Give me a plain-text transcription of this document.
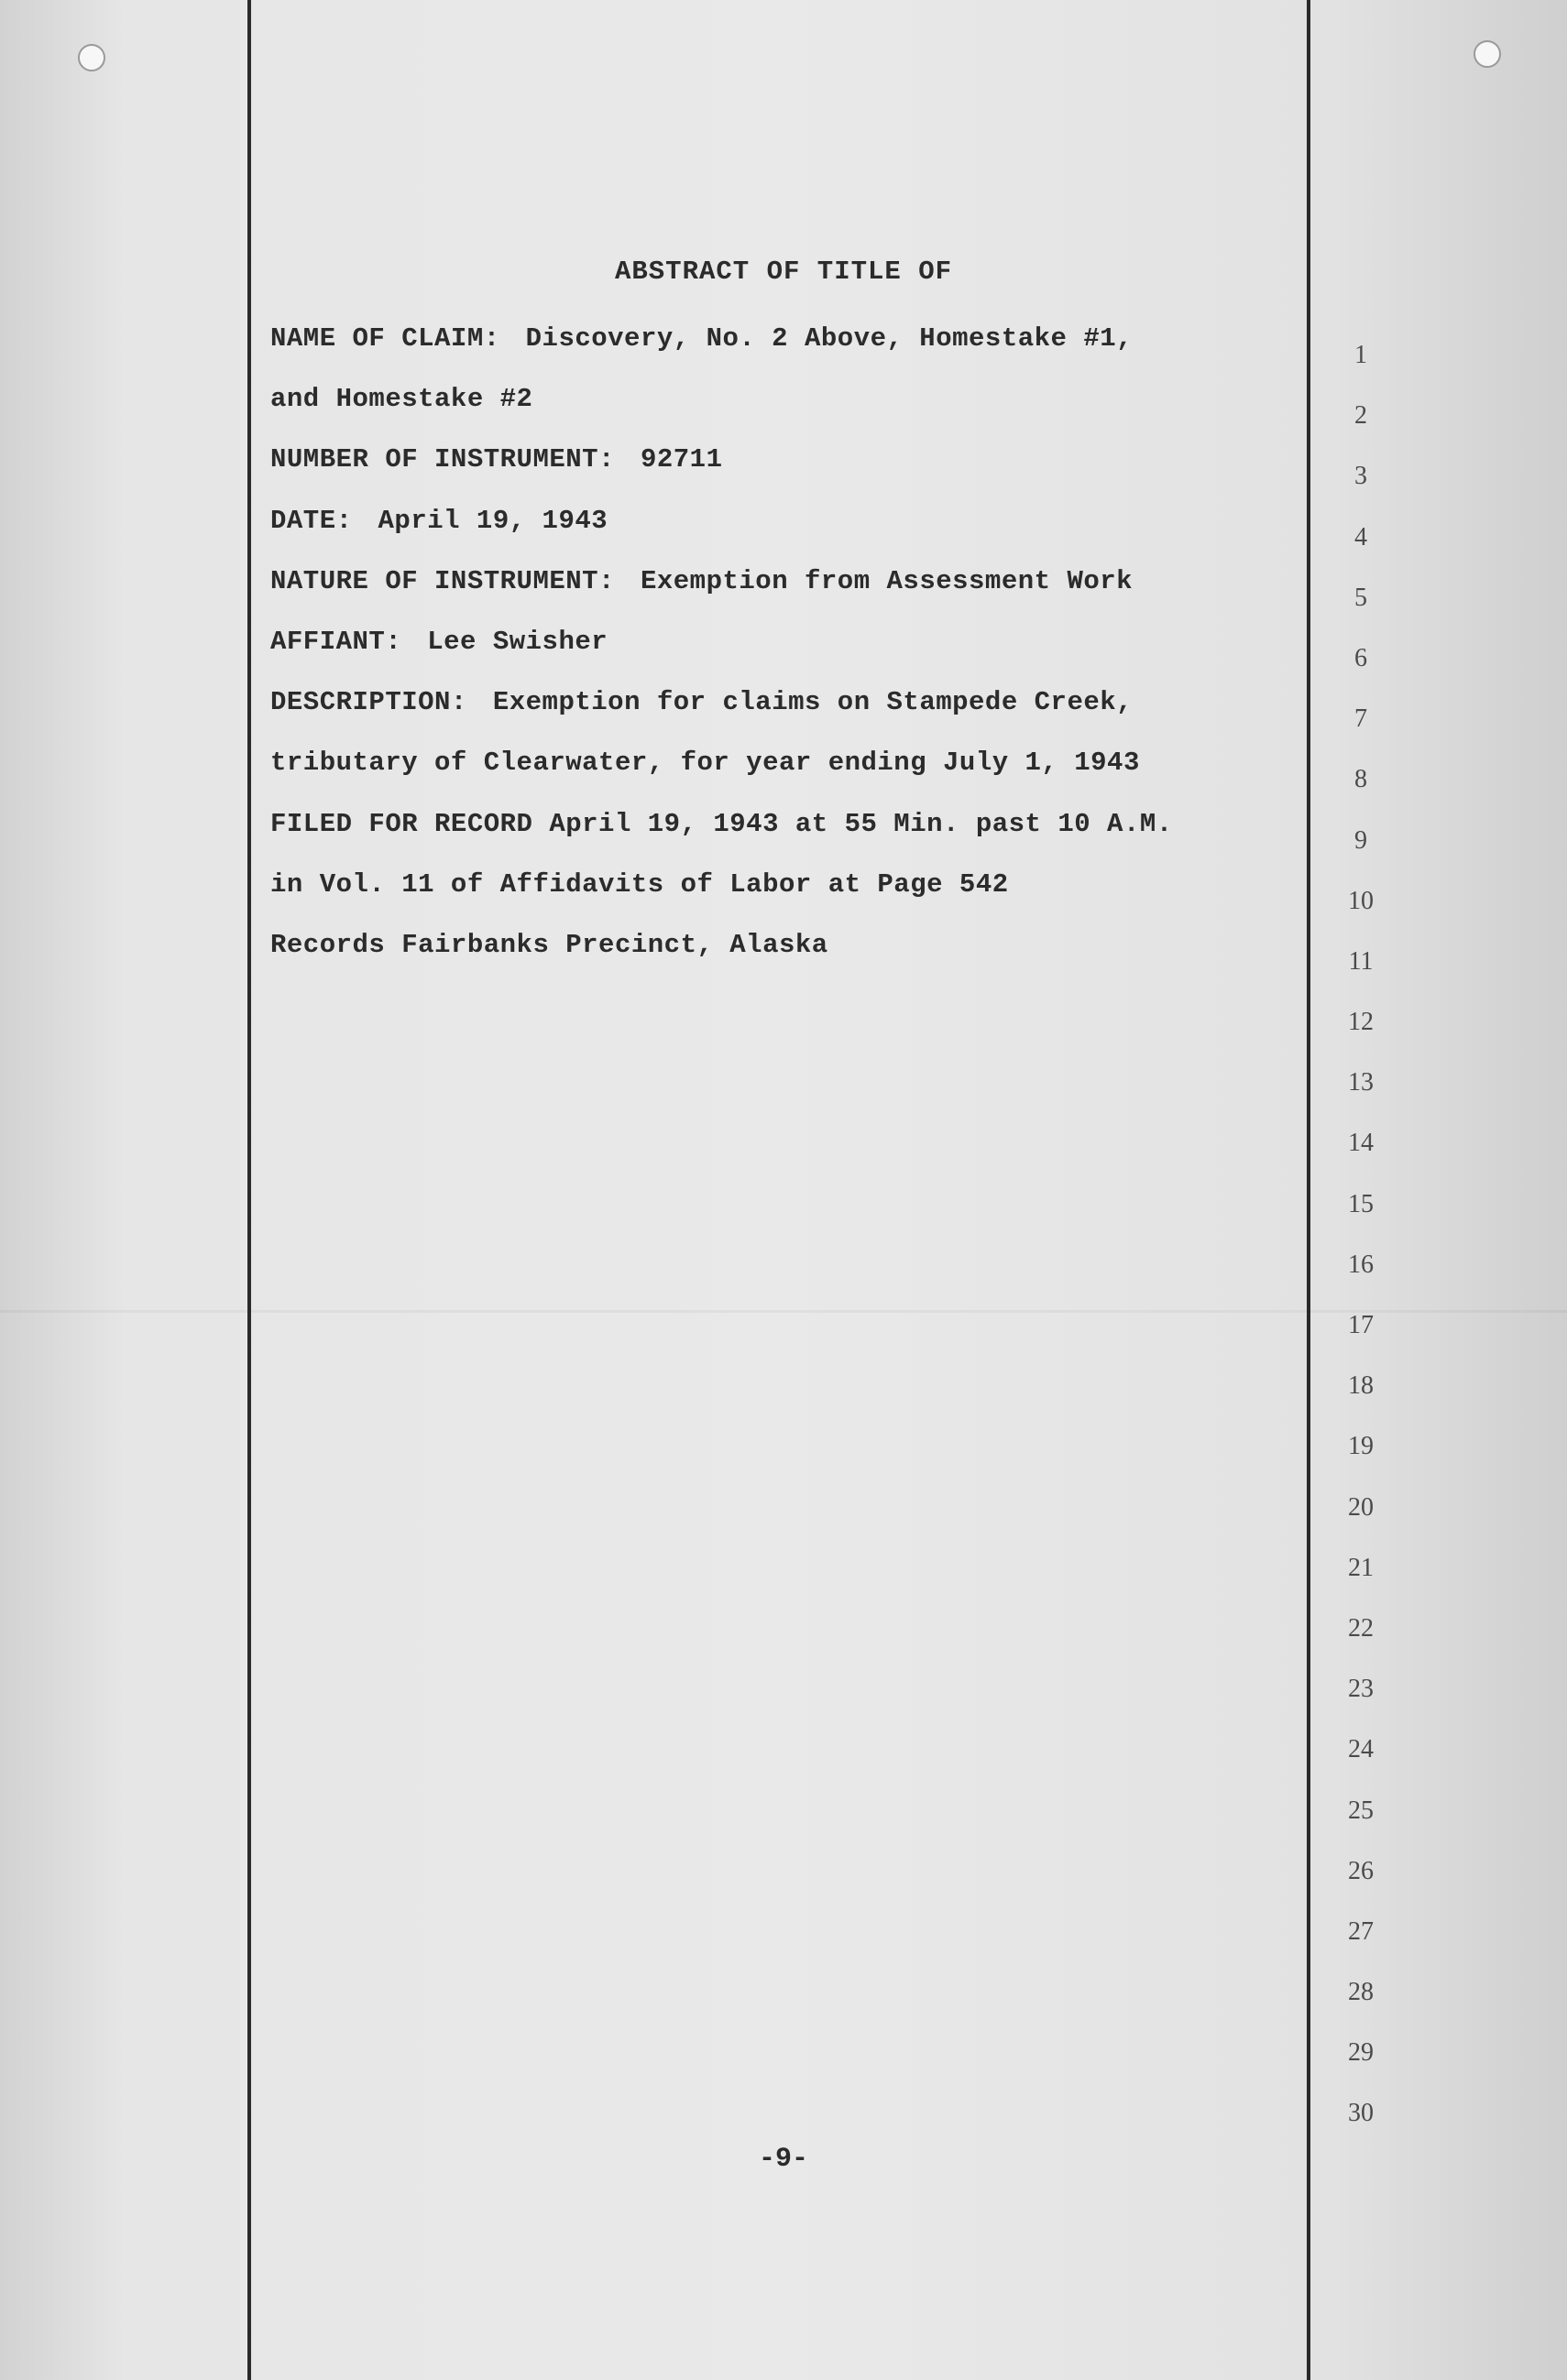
ABSTRACT OF TITLE OF
NAME OF CLAIM: Discovery, No. 2 Above, Homestake #1,
and Homestake #2
NUMBER OF INSTRUMENT: 92711
DATE: April 19, 1943
NATURE OF INSTRUMENT: Exemption from Assessment Work
AFFIANT: Lee Swisher
DESCRIPTION: Exemption for claims on Stampede Creek,
tributary of Clearwater, for year ending July 1, 1943
FILED FOR RECORD April 19, 1943 at 55 Min. past 10 A.M.
in Vol. 11 of Affidavits of Labor at Page 542
Records Fairbanks Precinct, Alaska
1
2
3
4
5
6
7
8
9
10
11
12
13
14
15
16
17
18
19
20
21
22
23
24
25
26
27
28
29
30
-9-
